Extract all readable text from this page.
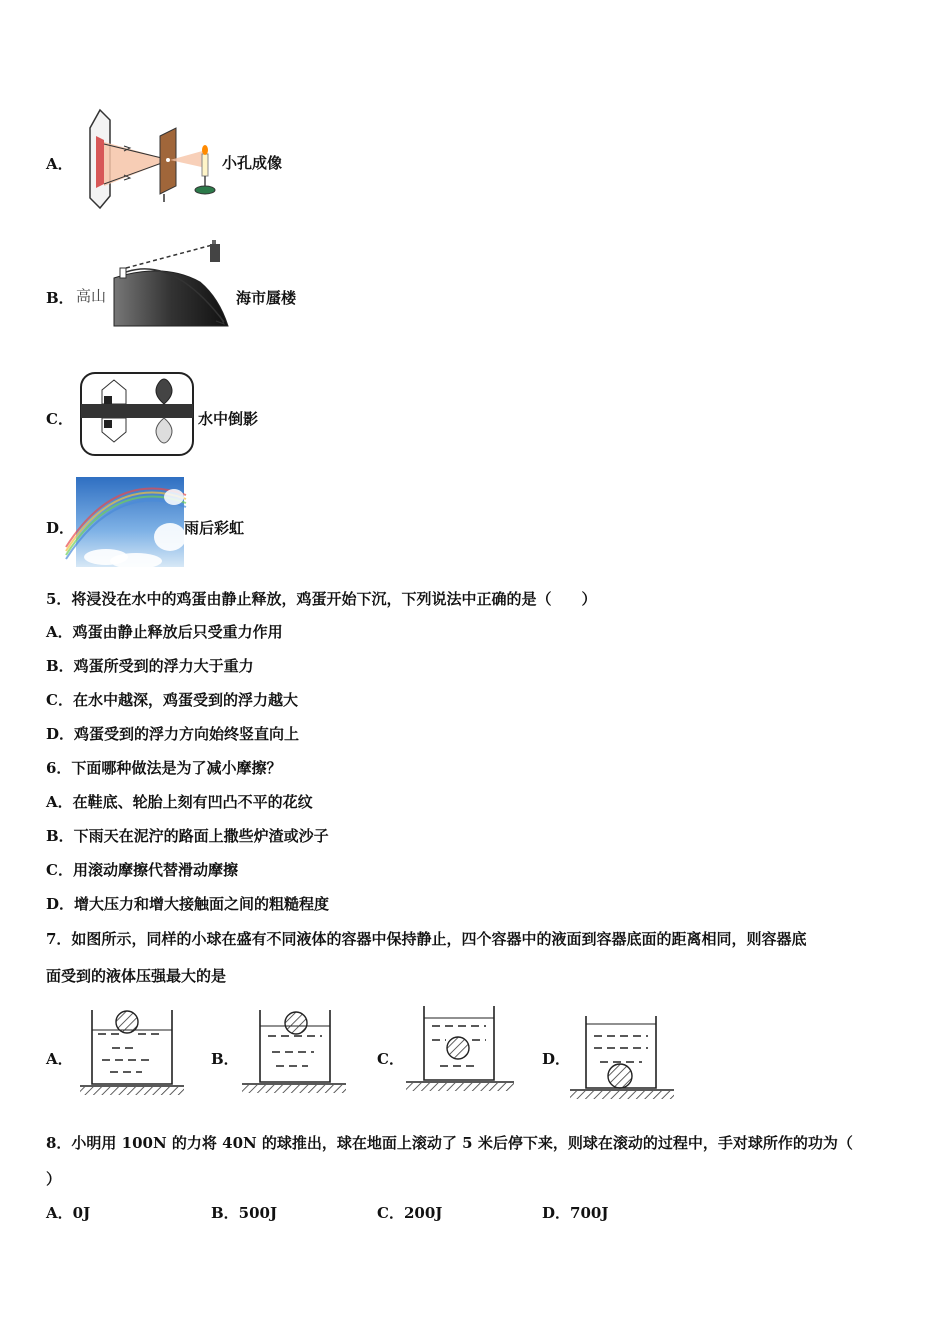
A．	小孔成像
B． 高山	海市蜃楼
C．	水中倒影
D．	雨后彩虹
5．将浸没在水中的鸡蛋由静止释放，鸡蛋开始下沉，下列说法中正确的是（　　）
A．鸡蛋由静止释放后只受重力作用
B．鸡蛋所受到的浮力大于重力
C．在水中越深，鸡蛋受到的浮力越大
D．鸡蛋受到的浮力方向始终竖直向上
6．下面哪种做法是为了减小摩擦？
A．在鞋底、轮胎上刻有凹凸不平的花纹
B．下雨天在泥泞的路面上撒些炉渣或沙子
C．用滚动摩擦代替滑动摩擦
D．增大压力和增大接触面之间的粗糙程度
7．如图所示，同样的小球在盛有不同液体的容器中保持静止，四个容器中的液面到容器底面的距离相同，则容器底
面受到的液体压强最大的是
A．	B．	C．	D．
8．小明用 100N 的力将 40N 的球推出，球在地面上滚动了 5 米后停下来，则球在滚动的过程中，手对球所作的功为（
）
A．0J	B．500J	C．200J	D．700J
